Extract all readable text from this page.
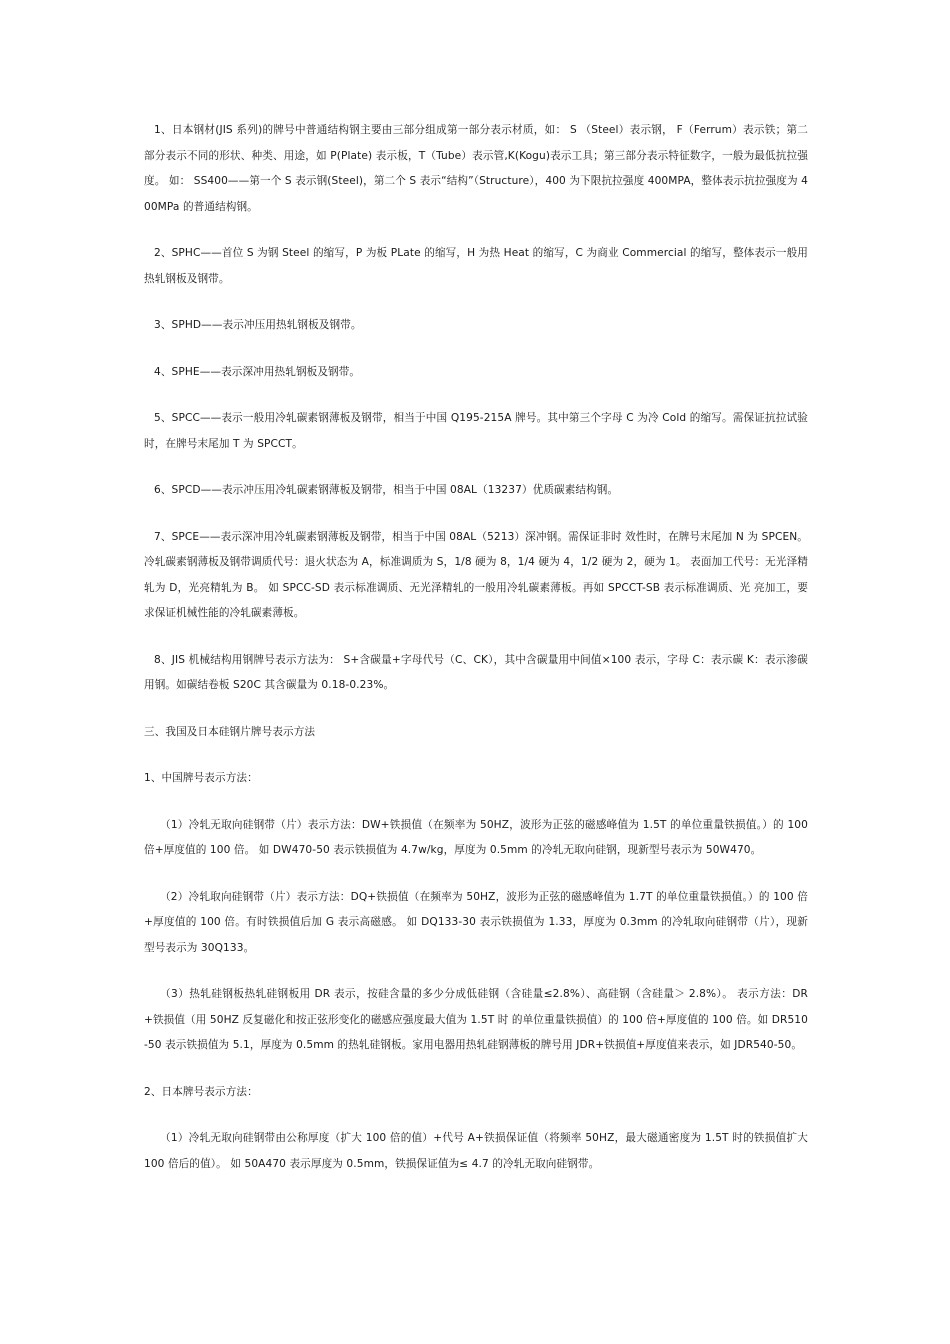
1、日本钢材(JIS 系列)的牌号中普通结构钢主要由三部分组成第一部分表示材质，如： S （Steel）表示钢， F（Ferrum）表示铁；第二部分表示不同的形状、种类、用途，如 P(Plate) 表示板，T（Tube）表示管,K(Kogu)表示工具；第三部分表示特征数字，一般为最低抗拉强度。 如： SS400——第一个 S 表示钢(Steel)，第二个 S 表示“结构”（Structure），400 为下限抗拉强度 400MPA，整体表示抗拉强度为 400MPa 的普通结构钢。

2、SPHC——首位 S 为钢 Steel 的缩写，P 为板 PLate 的缩写，H 为热 Heat 的缩写，C 为商业 Commercial 的缩写，整体表示一般用热轧钢板及钢带。

3、SPHD——表示冲压用热轧钢板及钢带。

4、SPHE——表示深冲用热轧钢板及钢带。

5、SPCC——表示一般用冷轧碳素钢薄板及钢带，相当于中国 Q195-215A 牌号。其中第三个字母 C 为冷 Cold 的缩写。需保证抗拉试验时，在牌号末尾加 T 为 SPCCT。

6、SPCD——表示冲压用冷轧碳素钢薄板及钢带，相当于中国 08AL（13237）优质碳素结构钢。

7、SPCE——表示深冲用冷轧碳素钢薄板及钢带，相当于中国 08AL（5213）深冲钢。需保证非时 效性时，在牌号末尾加 N 为 SPCEN。冷轧碳素钢薄板及钢带调质代号：退火状态为 A，标准调质为 S，1/8 硬为 8，1/4 硬为 4，1/2 硬为 2，硬为 1。 表面加工代号：无光泽精轧为 D，光亮精轧为 B。 如 SPCC-SD 表示标准调质、无光泽精轧的一般用冷轧碳素薄板。再如 SPCCT-SB 表示标准调质、光 亮加工，要求保证机械性能的冷轧碳素薄板。

8、JIS 机械结构用钢牌号表示方法为： S+含碳量+字母代号（C、CK），其中含碳量用中间值×100 表示，字母 C：表示碳 K：表示渗碳用钢。如碳结卷板 S20C 其含碳量为 0.18-0.23%。

三、我国及日本硅钢片牌号表示方法

1、中国牌号表示方法：

（1）冷轧无取向硅钢带（片）表示方法：DW+铁损值（在频率为 50HZ，波形为正弦的磁感峰值为 1.5T 的单位重量铁损值。）的 100 倍+厚度值的 100 倍。 如 DW470-50 表示铁损值为 4.7w/kg，厚度为 0.5mm 的冷轧无取向硅钢，现新型号表示为 50W470。

（2）冷轧取向硅钢带（片）表示方法：DQ+铁损值（在频率为 50HZ，波形为正弦的磁感峰值为 1.7T 的单位重量铁损值。）的 100 倍+厚度值的 100 倍。有时铁损值后加 G 表示高磁感。 如 DQ133-30 表示铁损值为 1.33，厚度为 0.3mm 的冷轧取向硅钢带（片），现新型号表示为 30Q133。

（3）热轧硅钢板热轧硅钢板用 DR 表示，按硅含量的多少分成低硅钢（含硅量≤2.8%）、高硅钢（含硅量＞ 2.8%）。 表示方法：DR+铁损值（用 50HZ 反复磁化和按正弦形变化的磁感应强度最大值为 1.5T 时 的单位重量铁损值）的 100 倍+厚度值的 100 倍。如 DR510-50 表示铁损值为 5.1，厚度为 0.5mm 的热轧硅钢板。家用电器用热轧硅钢薄板的牌号用 JDR+铁损值+厚度值来表示，如 JDR540-50。

2、日本牌号表示方法：

（1）冷轧无取向硅钢带由公称厚度（扩大 100 倍的值）+代号 A+铁损保证值（将频率 50HZ，最大磁通密度为 1.5T 时的铁损值扩大 100 倍后的值）。 如 50A470 表示厚度为 0.5mm，铁损保证值为≤ 4.7 的冷轧无取向硅钢带。
